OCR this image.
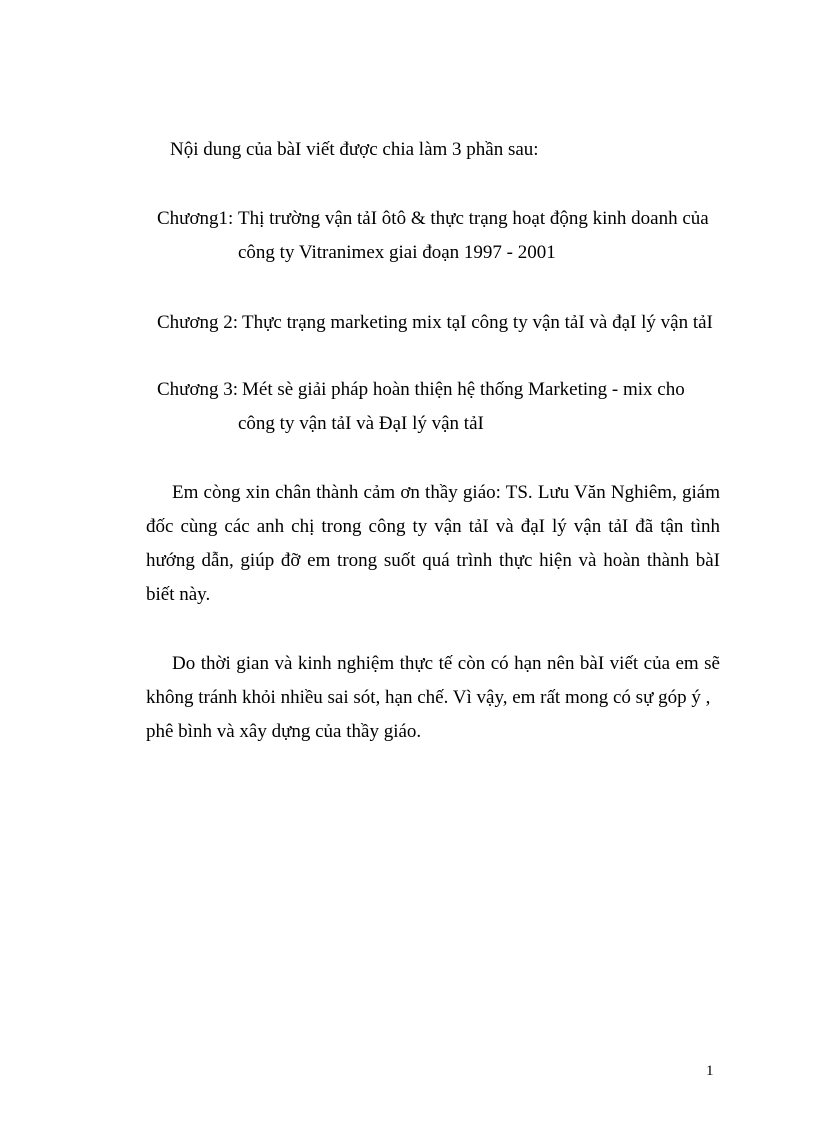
Nội dung của bàI viết được chia làm 3 phần sau:
Chương1: Thị trường vận tảI ôtô & thực trạng hoạt động kinh doanh của
công ty Vitranimex giai đoạn 1997 - 2001
Chương 2: Thực trạng marketing mix tạI công ty vận tảI và đạI lý vận tảI
Chương 3: Mét sè giải pháp hoàn thiện hệ thống Marketing - mix cho
công ty vận tảI và ĐạI lý vận tảI
Em còng xin chân thành cảm ơn thầy giáo: TS. Lưu Văn Nghiêm, giám
đốc cùng các anh chị trong công ty vận tảI và đạI lý vận tảI đã tận tình
hướng dẫn, giúp đỡ em trong suốt quá trình thực hiện và hoàn thành bàI
biết này.
Do thời gian và kinh nghiệm thực tế còn có hạn nên bàI viết của em sẽ
không tránh khỏi nhiều sai sót, hạn chế. Vì vậy, em rất mong có sự góp ý ,
phê bình và xây dựng của thầy giáo.
1
